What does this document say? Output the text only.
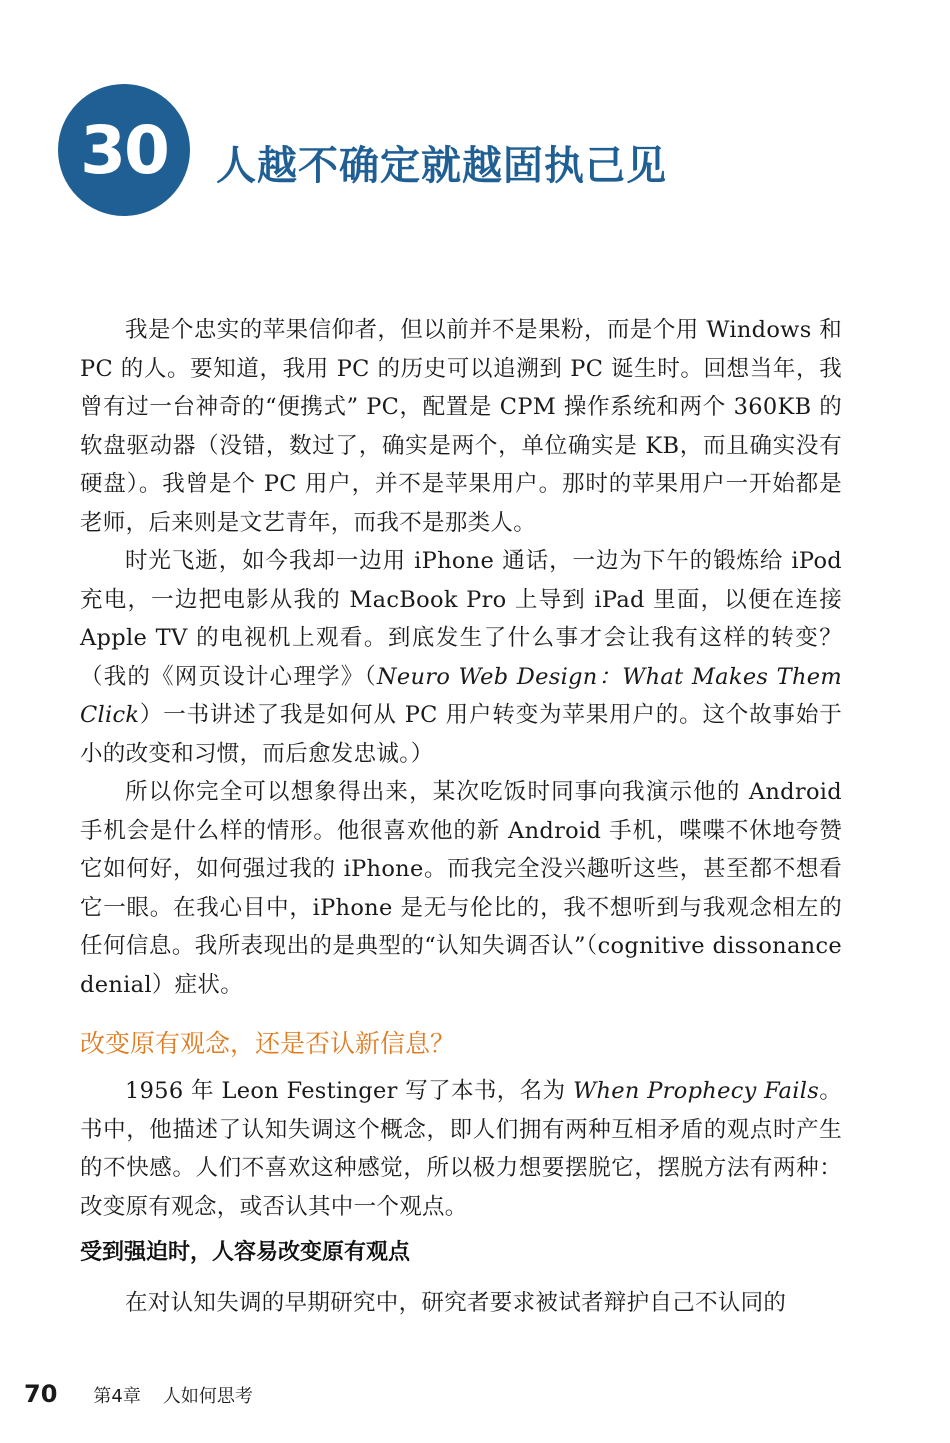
30 人越不确定就越固执己见

我是个忠实的苹果信仰者，但以前并不是果粉，而是个用 Windows 和 PC 的人。要知道，我用 PC 的历史可以追溯到 PC 诞生时。回想当年，我曾有过一台神奇的“便携式” PC，配置是 CPM 操作系统和两个 360KB 的软盘驱动器（没错，数过了，确实是两个，单位确实是 KB，而且确实没有硬盘）。我曾是个 PC 用户，并不是苹果用户。那时的苹果用户一开始都是老师，后来则是文艺青年，而我不是那类人。

时光飞逝，如今我却一边用 iPhone 通话，一边为下午的锻炼给 iPod 充电，一边把电影从我的 MacBook Pro 上导到 iPad 里面，以便在连接 Apple TV 的电视机上观看。到底发生了什么事才会让我有这样的转变？（我的《网页设计心理学》（Neuro Web Design：What Makes Them Click）一书讲述了我是如何从 PC 用户转变为苹果用户的。这个故事始于小的改变和习惯，而后愈发忠诚。）

所以你完全可以想象得出来，某次吃饭时同事向我演示他的 Android 手机会是什么样的情形。他很喜欢他的新 Android 手机，喋喋不休地夸赞它如何好，如何强过我的 iPhone。而我完全没兴趣听这些，甚至都不想看它一眼。在我心目中，iPhone 是无与伦比的，我不想听到与我观念相左的任何信息。我所表现出的是典型的“认知失调否认”（cognitive dissonance denial）症状。

改变原有观念，还是否认新信息？

1956 年 Leon Festinger 写了本书，名为 When Prophecy Fails。书中，他描述了认知失调这个概念，即人们拥有两种互相矛盾的观点时产生的不快感。人们不喜欢这种感觉，所以极力想要摆脱它，摆脱方法有两种：改变原有观念，或否认其中一个观点。

受到强迫时，人容易改变原有观点

在对认知失调的早期研究中，研究者要求被试者辩护自己不认同的

70 第4章 人如何思考
